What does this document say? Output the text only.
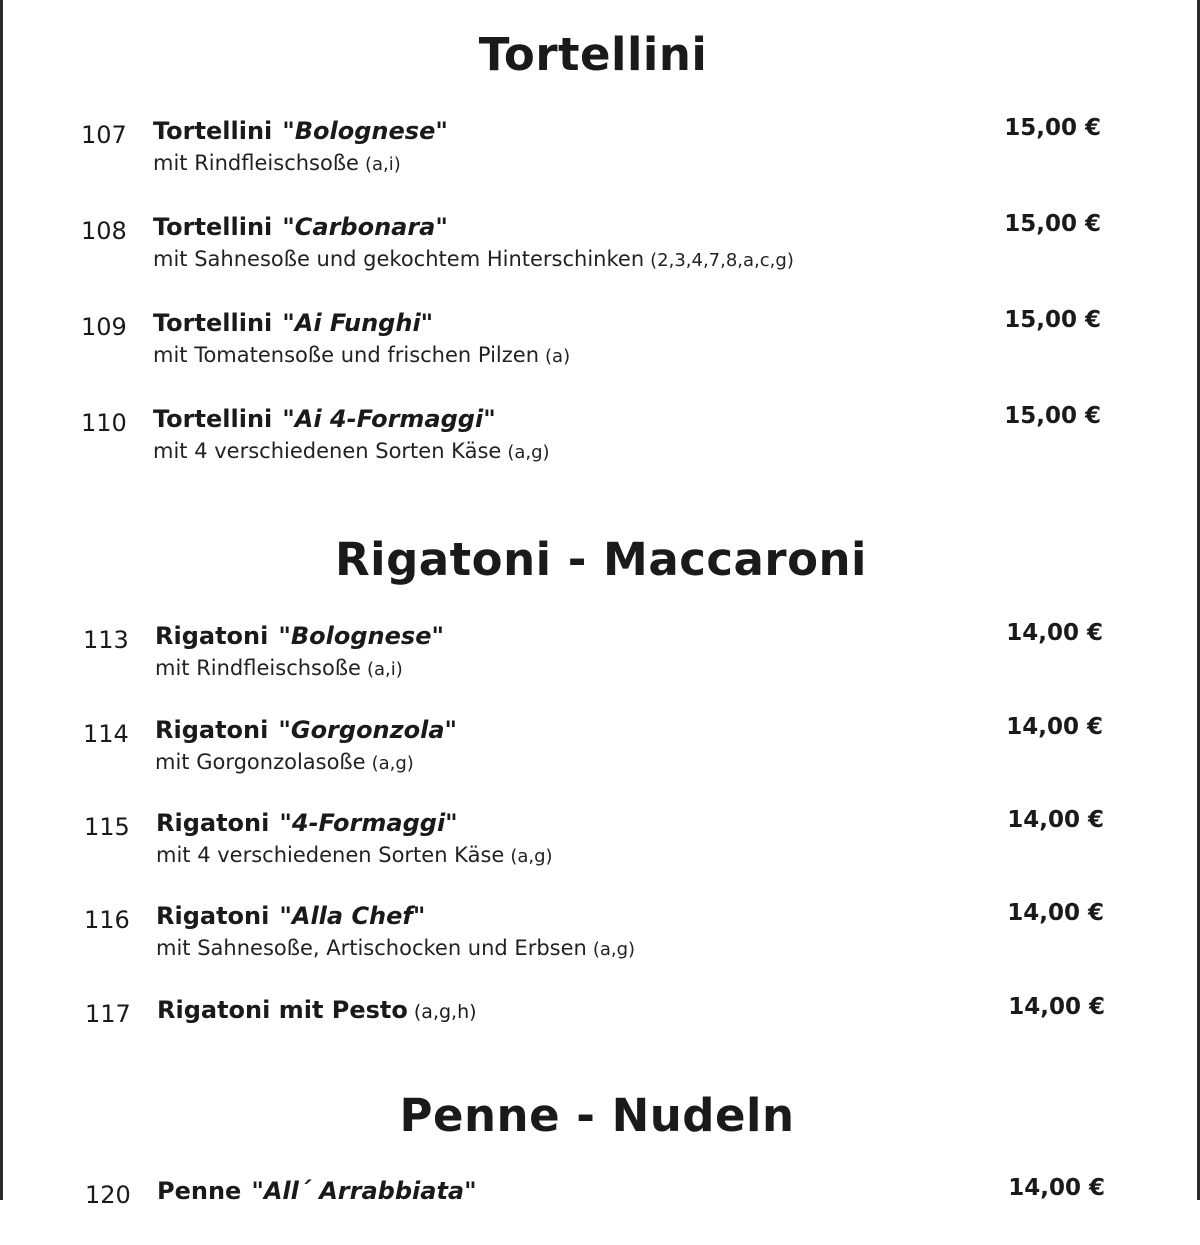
Tortellini
107 Tortellini "Bolognese"
mit Rindfleischsoße (a,i)
15,00 €
108 Tortellini "Carbonara"
mit Sahnesoße und gekochtem Hinterschinken (2,3,4,7,8,a,c,g)
15,00 €
109 Tortellini "Ai Funghi"
mit Tomatensoße und frischen Pilzen (a)
15,00 €
110 Tortellini "Ai 4-Formaggi"
mit 4 verschiedenen Sorten Käse (a,g)
15,00 €
Rigatoni - Maccaroni
113 Rigatoni "Bolognese"
mit Rindfleischsoße (a,i)
14,00 €
114 Rigatoni "Gorgonzola"
mit Gorgonzolasoße (a,g)
14,00 €
115 Rigatoni "4-Formaggi"
mit 4 verschiedenen Sorten Käse (a,g)
14,00 €
116 Rigatoni "Alla Chef"
mit Sahnesoße, Artischocken und Erbsen (a,g)
14,00 €
117 Rigatoni mit Pesto (a,g,h)	14,00 €
Penne - Nudeln
120 Penne "All´ Arrabbiata"	14,00 €
